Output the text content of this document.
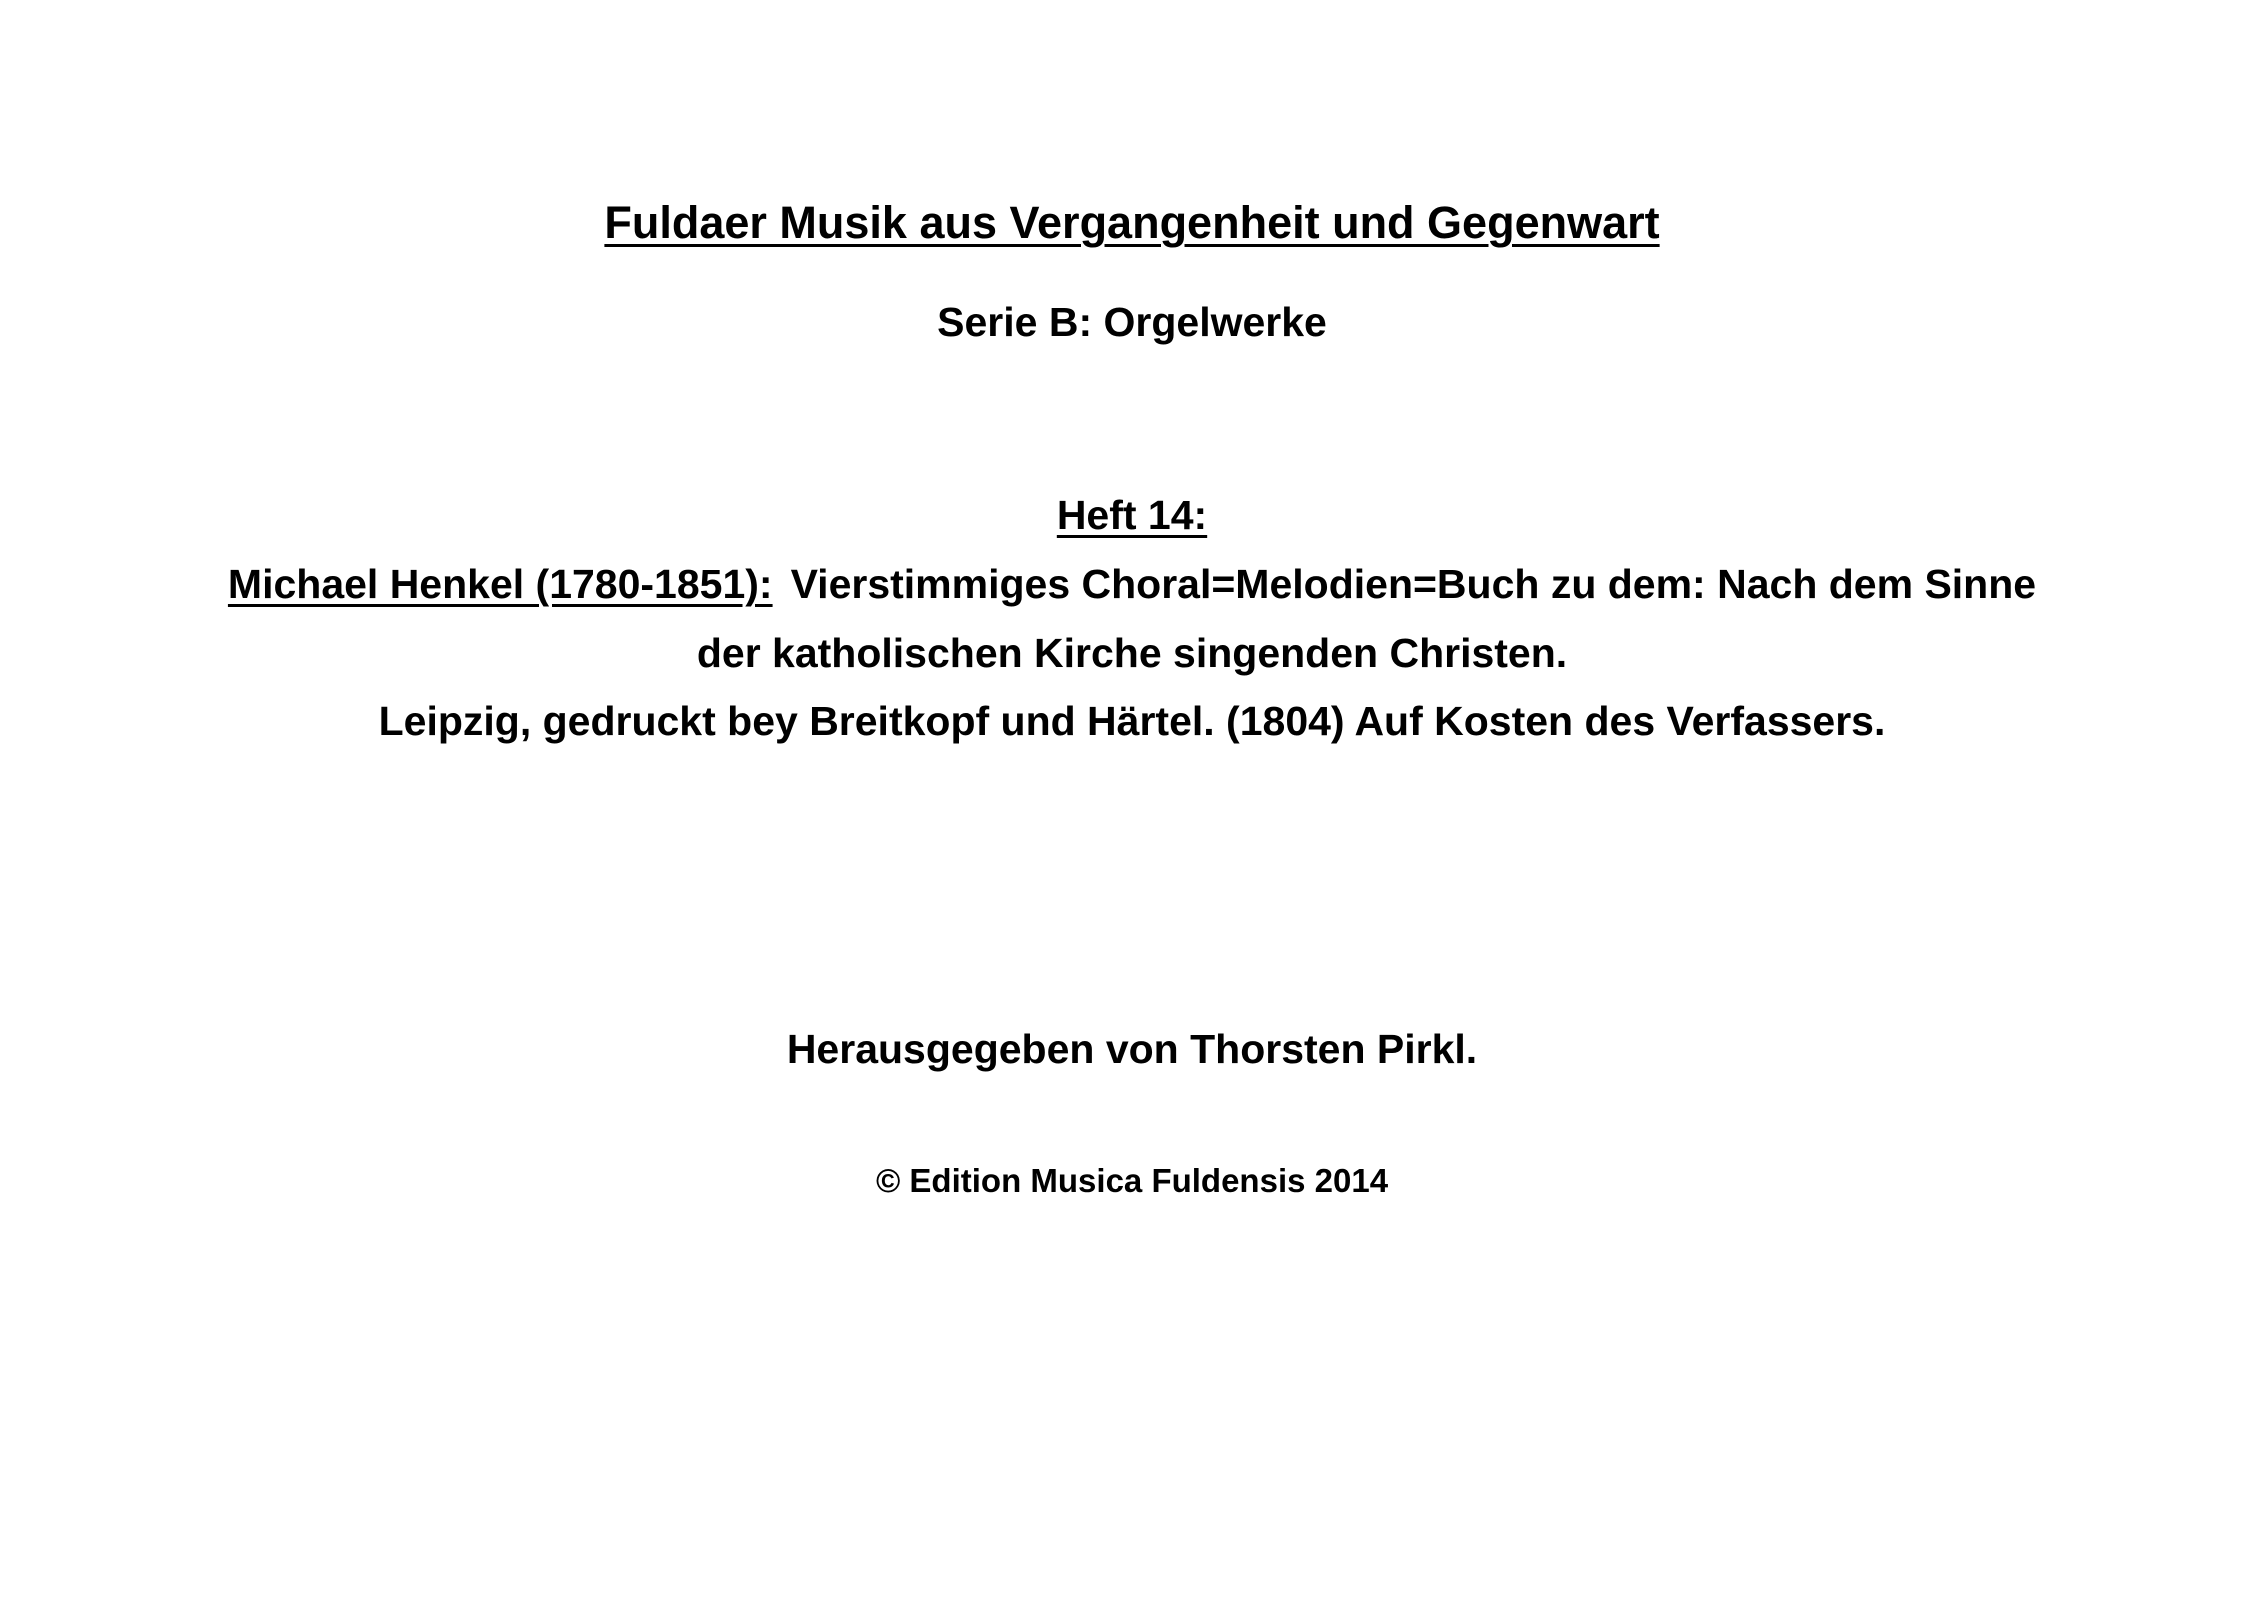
Fuldaer Musik aus Vergangenheit und Gegenwart
Serie B: Orgelwerke
Heft 14:
Michael Henkel (1780-1851): Vierstimmiges Choral=Melodien=Buch zu dem: Nach dem Sinne
der katholischen Kirche singenden Christen.
Leipzig, gedruckt bey Breitkopf und Härtel. (1804) Auf Kosten des Verfassers.
Herausgegeben von Thorsten Pirkl.
© Edition Musica Fuldensis 2014
